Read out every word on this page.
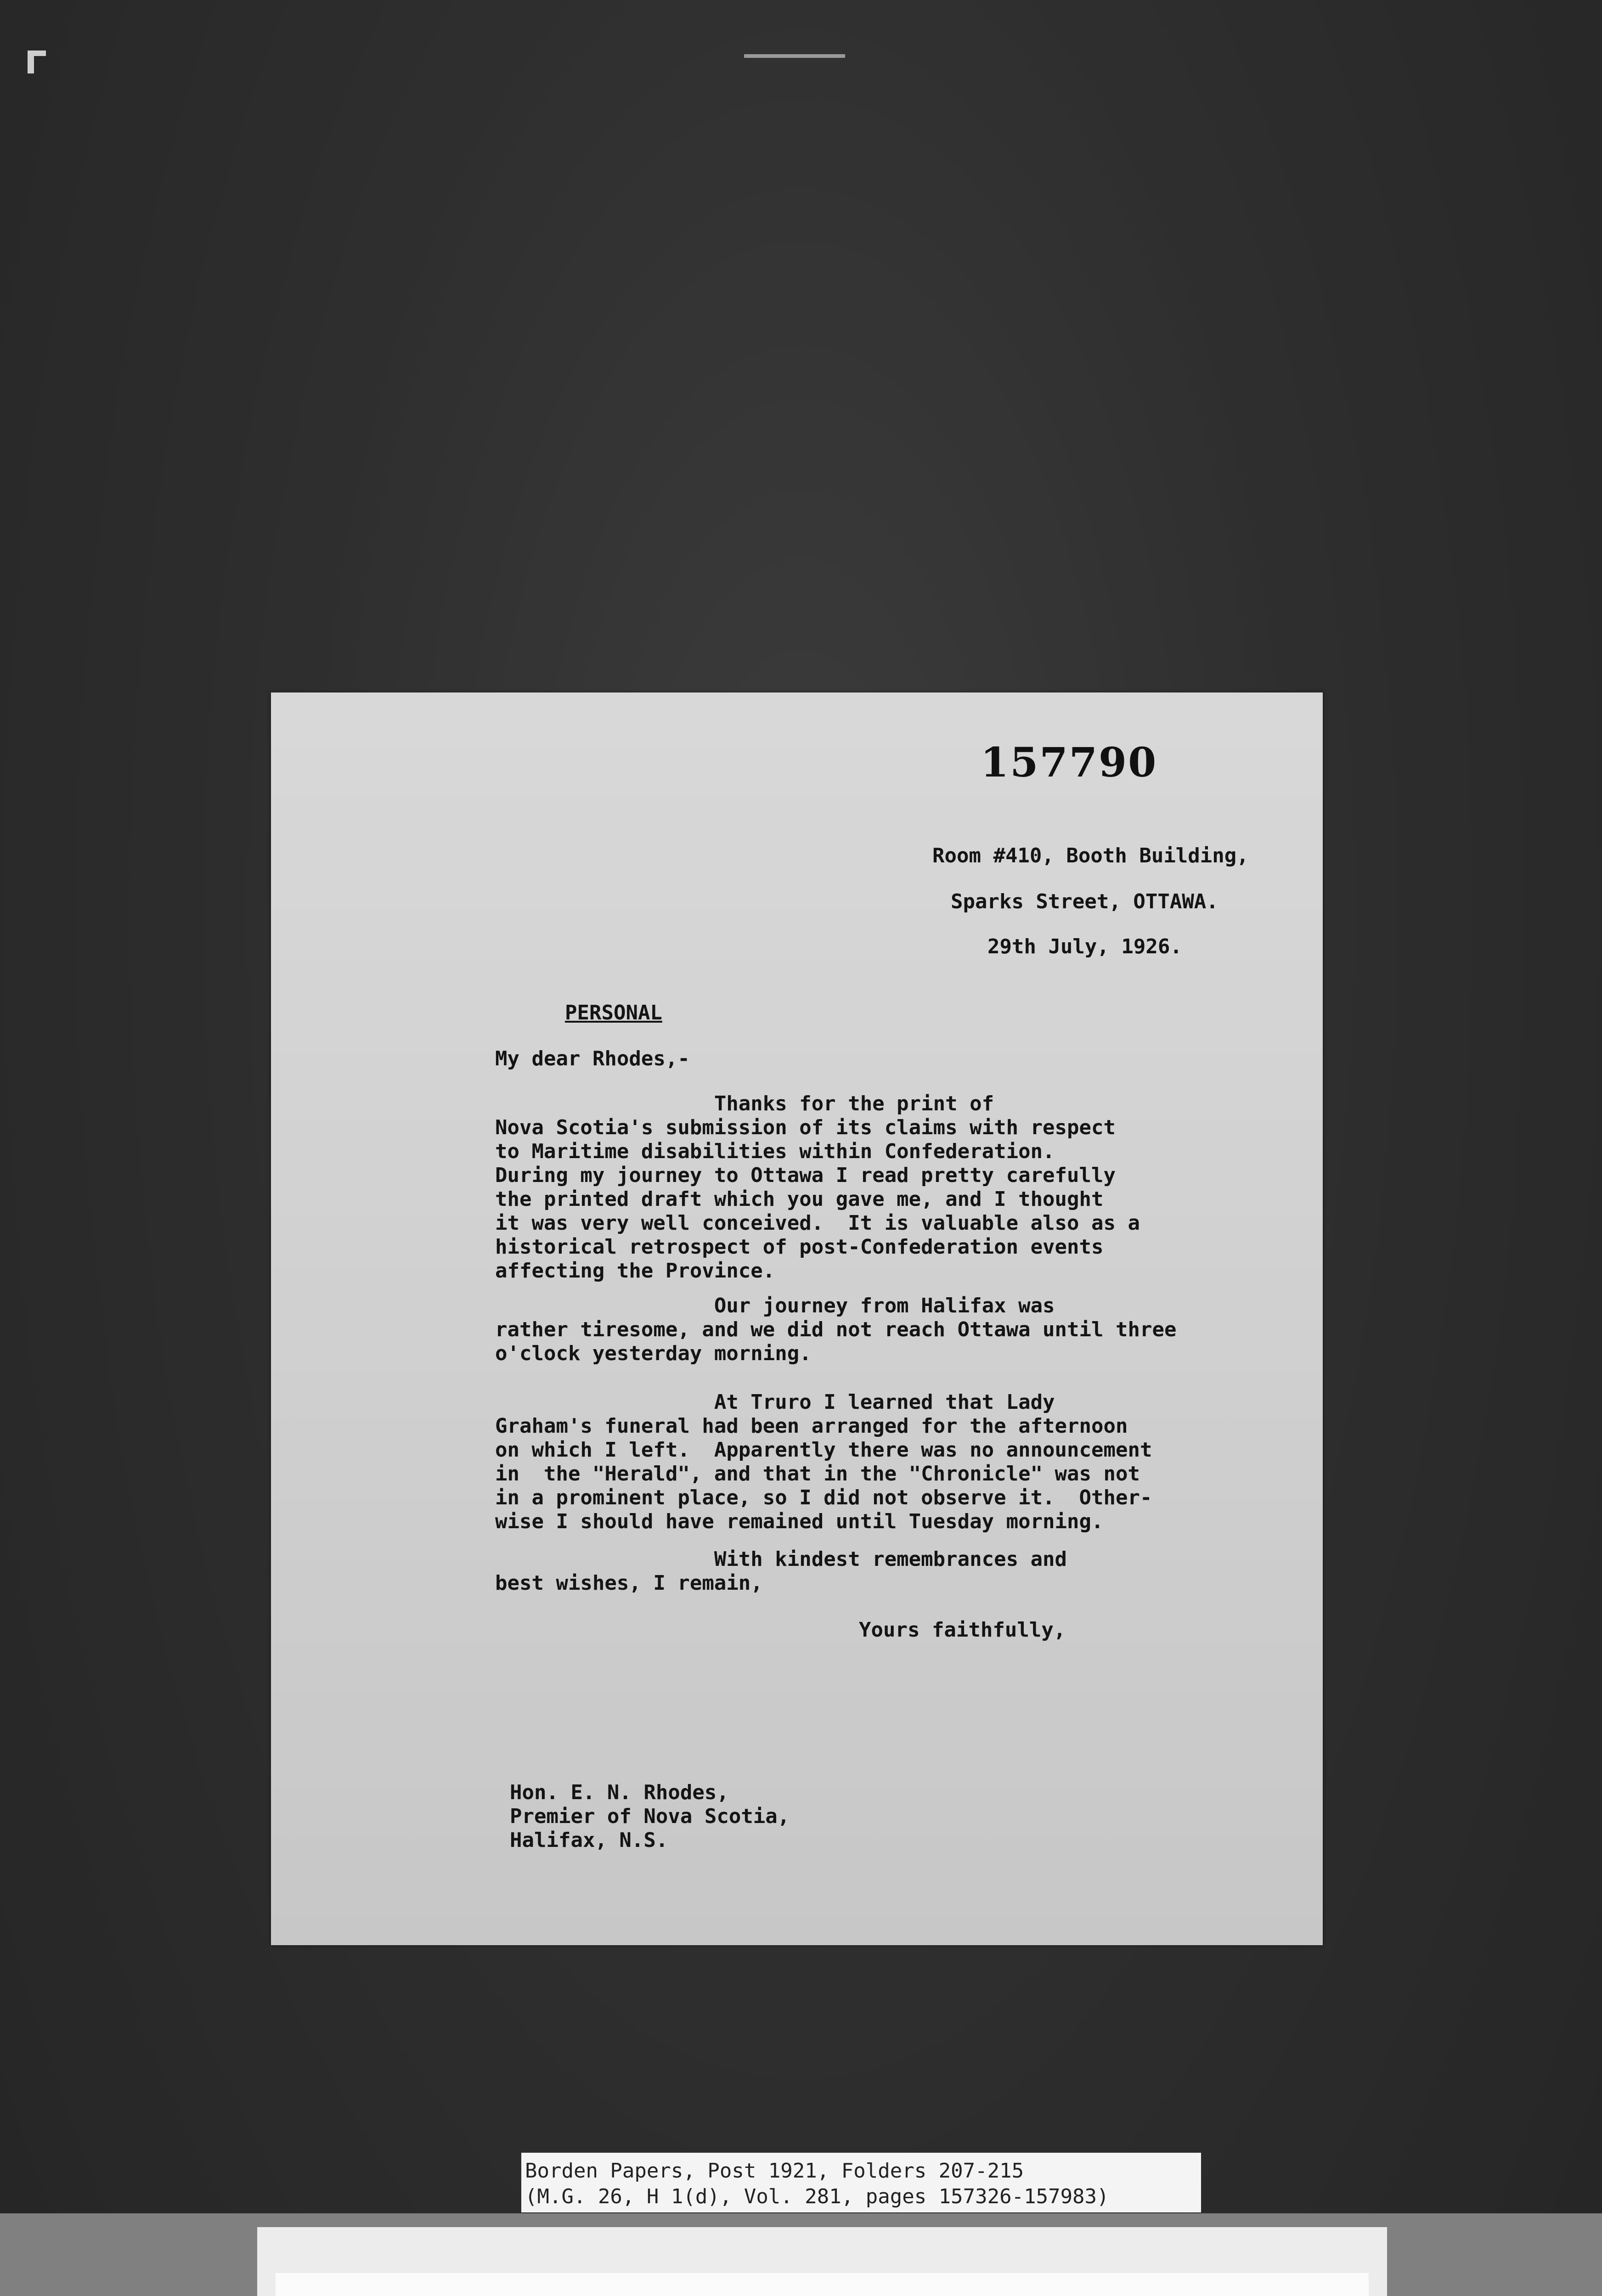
157790

Room #410, Booth Building,

Sparks Street, OTTAWA.

29th July, 1926.

PERSONAL

My dear Rhodes,-

Thanks for the print of
Nova Scotia's submission of its claims with respect
to Maritime disabilities within Confederation.
During my journey to Ottawa I read pretty carefully
the printed draft which you gave me, and I thought
it was very well conceived.  It is valuable also as a
historical retrospect of post-Confederation events
affecting the Province.

Our journey from Halifax was
rather tiresome, and we did not reach Ottawa until three
o'clock yesterday morning.

At Truro I learned that Lady
Graham's funeral had been arranged for the afternoon
on which I left.  Apparently there was no announcement
in  the "Herald", and that in the "Chronicle" was not
in a prominent place, so I did not observe it.  Other-
wise I should have remained until Tuesday morning.

With kindest remembrances and
best wishes, I remain,

Yours faithfully,

Hon. E. N. Rhodes,

Premier of Nova Scotia,

Halifax, N.S.

Borden Papers, Post 1921, Folders 207-215
(M.G. 26, H 1(d), Vol. 281, pages 157326-157983)
